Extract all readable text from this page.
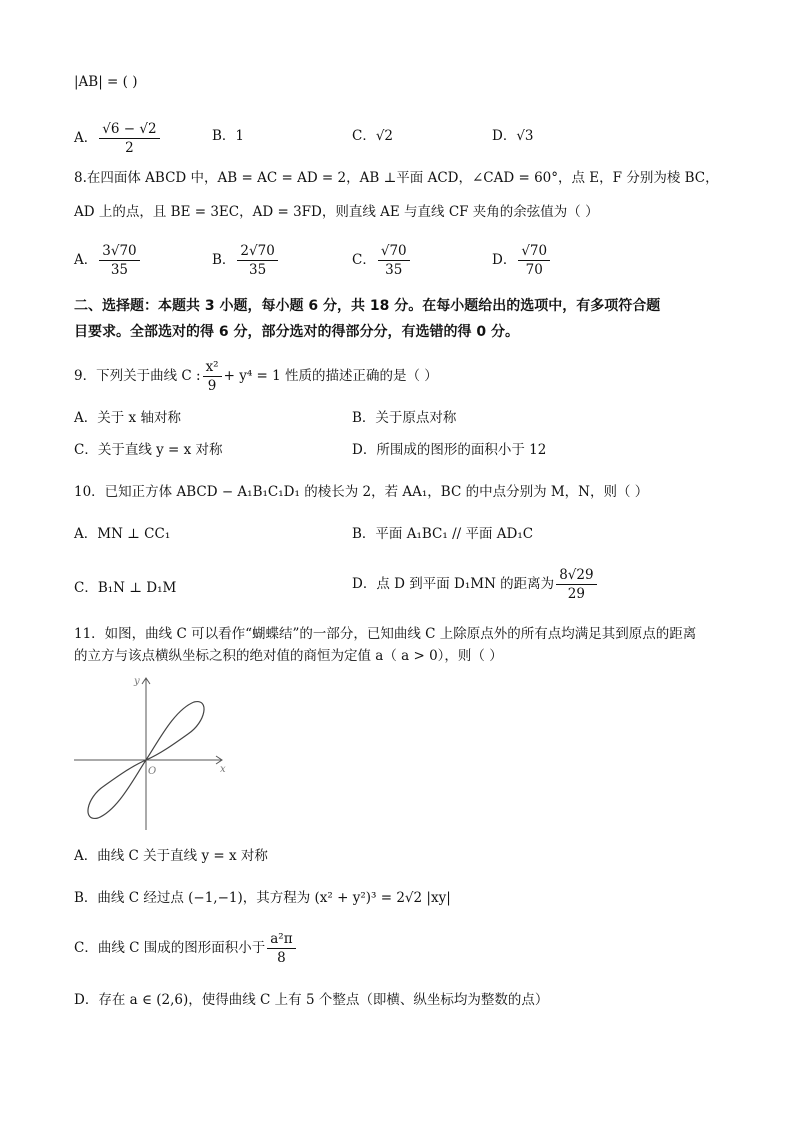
|AB| = ( )
A． $\frac{√6 - √2}{2}$	B．1	C．√2	D．√3
8.在四面体 ABCD 中，AB = AC = AD = 2，AB ⊥平面 ACD，∠CAD = 60°，点 E，F 分别为棱 BC，
AD 上的点，且 BE = 3EC，AD = 3FD，则直线 AE 与直线 CF 夹角的余弦值为（ ）
A． $\frac{3√70}{35}$	B． $\frac{2√70}{35}$	C． $\frac{√70}{35}$	D． $\frac{√70}{70}$
二、选择题：本题共 3 小题，每小题 6 分，共 18 分。在每小题给出的选项中，有多项符合题
目要求。全部选对的得 6 分，部分选对的得部分分，有选错的得 0 分。
9．下列关于曲线 C : $\frac{\text{x²}}{9} + y^4 = 1$ 性质的描述正确的是（ ）
A．关于 x 轴对称	B．关于原点对称
C．关于直线 y = x 对称	D．所围成的图形的面积小于 12
10．已知正方体 ABCD − A₁B₁C₁D₁ 的棱长为 2，若 AA₁，BC 的中点分别为 M，N，则（ ）
A．MN ⊥ CC₁	B．平面 A₁BC₁ // 平面 AD₁C
C．B₁N ⊥ D₁M	D．点 D 到平面 D₁MN 的距离为 $\frac{8√29}{29}$
11．如图，曲线 C 可以看作“蝴蝶结”的一部分，已知曲线 C 上除原点外的所有点均满足其到原点的距离
的立方与该点横纵坐标之积的绝对值的商恒为定值 a（ a > 0），则（ ）
y
x
O
A．曲线 C 关于直线 y = x 对称
B．曲线 C 经过点 (−1,−1)，其方程为 (x² + y²)³ = 2√2 |xy|
C．曲线 C 围成的图形面积小于 $\frac{\text{a²π}}{8}$
D．存在 a ∈ (2,6)，使得曲线 C 上有 5 个整点（即横、纵坐标均为整数的点）
